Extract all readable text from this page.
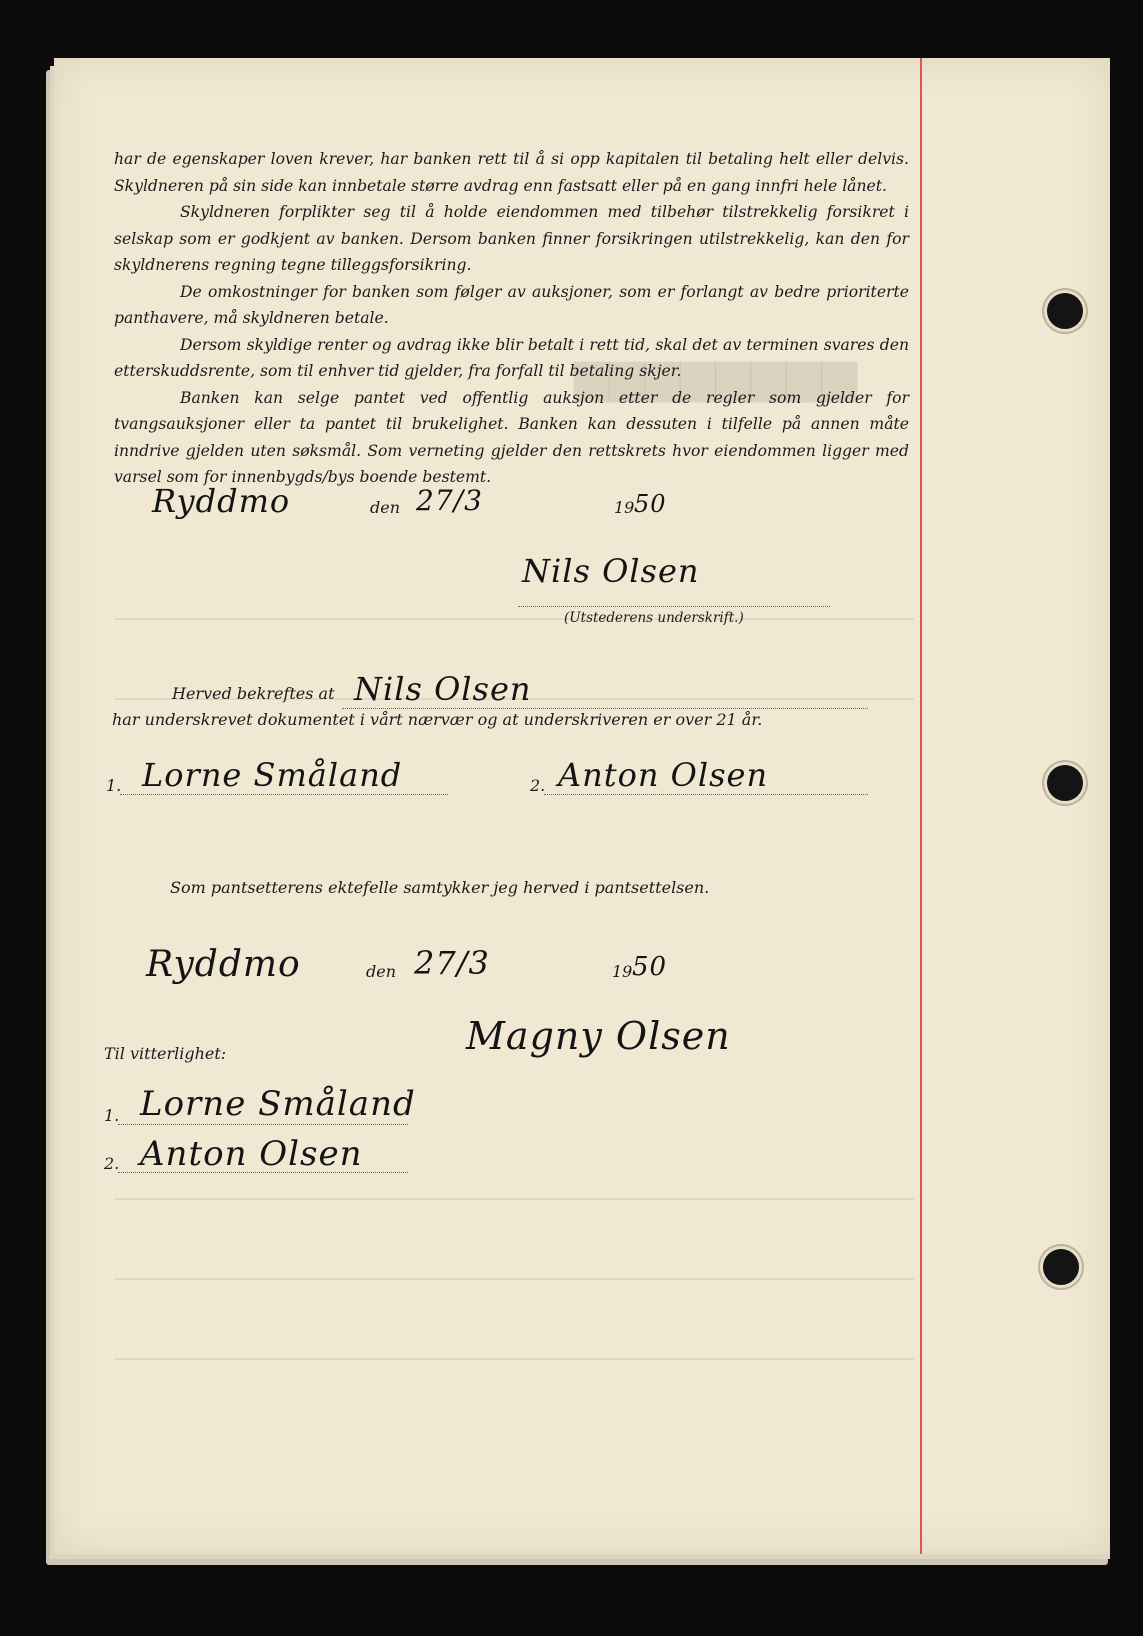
▆▆▆▆▆▆▆▆

har de egenskaper loven krever, har banken rett til å si opp kapitalen til betaling helt eller delvis. Skyldneren på sin side kan innbetale større avdrag enn fastsatt eller på en gang innfri hele lånet.

Skyldneren forplikter seg til å holde eiendommen med tilbehør tilstrekkelig forsikret i selskap som er godkjent av banken. Dersom banken finner forsikringen utilstrekkelig, kan den for skyldnerens regning tegne tilleggsforsikring.

De omkostninger for banken som følger av auksjoner, som er forlangt av bedre prioriterte panthavere, må skyldneren betale.

Dersom skyldige renter og avdrag ikke blir betalt i rett tid, skal det av terminen svares den etterskuddsrente, som til enhver tid gjelder, fra forfall til betaling skjer.

Banken kan selge pantet ved offentlig auksjon etter de regler som gjelder for tvangsauksjoner eller ta pantet til brukelighet. Banken kan dessuten i tilfelle på annen måte inndrive gjelden uten søksmål. Som verneting gjelder den rettskrets hvor eiendommen ligger med varsel som for innenbygds/bys boende bestemt.

Ryddmo	den 27/3	19 50
Nils Olsen
(Utstederens underskrift.)
Herved bekreftes at Nils Olsen
har underskrevet dokumentet i vårt nærvær og at underskriveren er over 21 år.
1. Lorne Småland	2. Anton Olsen
Som pantsetterens ektefelle samtykker jeg herved i pantsettelsen.
Ryddmo	den 27/3	19 50
Magny Olsen
Til vitterlighet:
1. Lorne Småland
2. Anton Olsen
